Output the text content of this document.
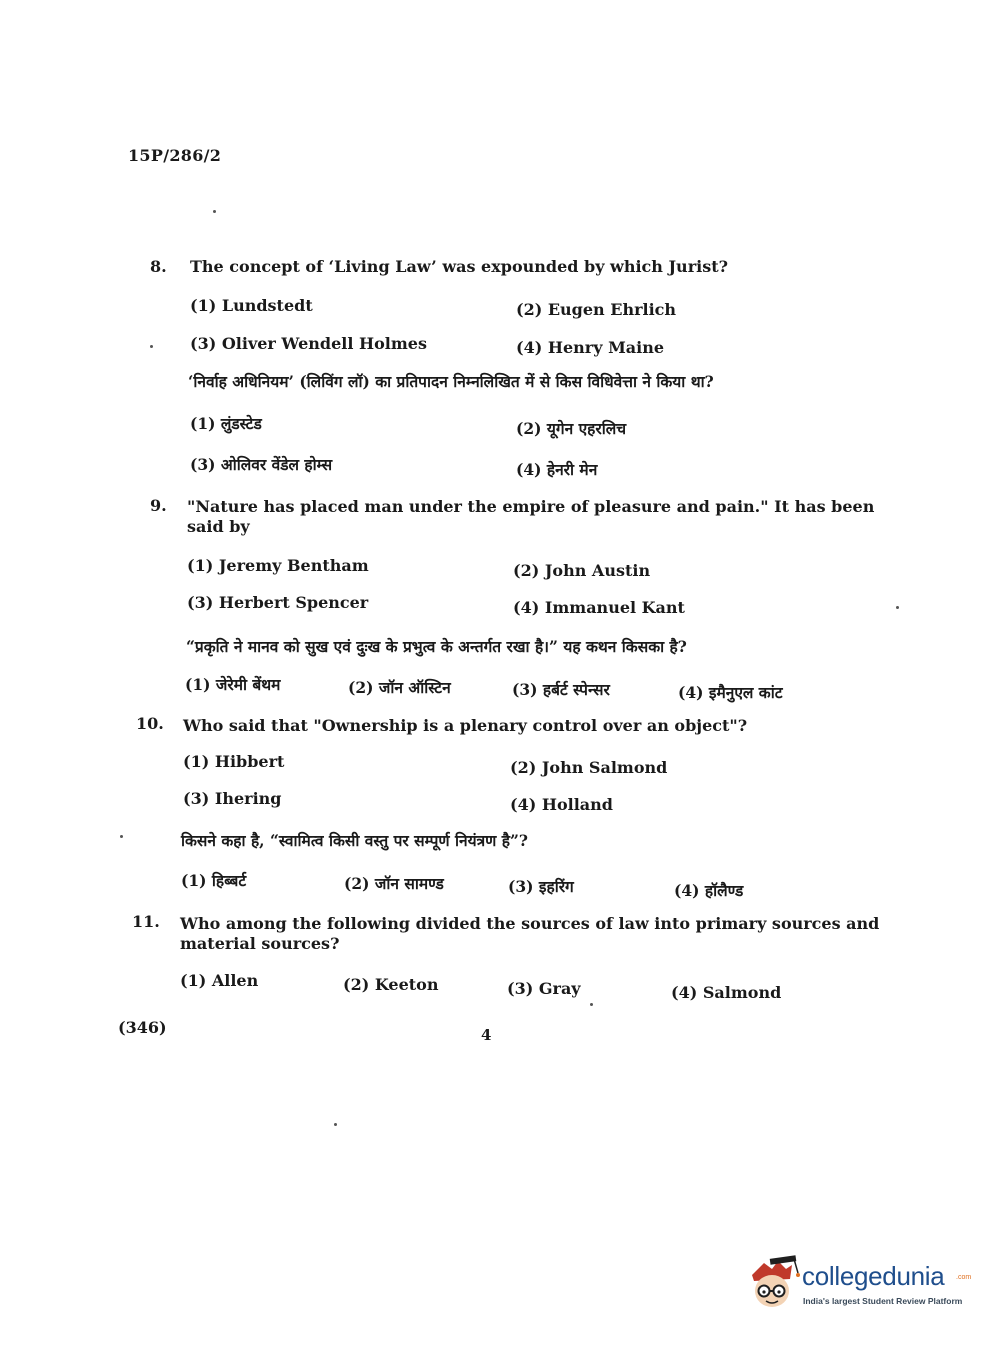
15P/286/2
8. The concept of ‘Living Law’ was expounded by which Jurist?
(1) Lundstedt	(2) Eugen Ehrlich
(3) Oliver Wendell Holmes	(4) Henry Maine
‘निर्वाह अधिनियम’ (लिविंग लॉ) का प्रतिपादन निम्नलिखित में से किस विधिवेत्ता ने किया था?
(1) लुंडस्टेड	(2) यूगेन एहरलिच
(3) ओलिवर वेंडेल होम्स	(4) हेनरी मेन
9. "Nature has placed man under the empire of pleasure and pain." It has been
said by
(1) Jeremy Bentham	(2) John Austin
(3) Herbert Spencer	(4) Immanuel Kant
“प्रकृति ने मानव को सुख एवं दुःख के प्रभुत्व के अन्तर्गत रखा है।” यह कथन किसका है?
(1) जेरेमी बेंथम	(2) जॉन ऑस्टिन	(3) हर्बर्ट स्पेन्सर	(4) इमैनुएल कांट
10. Who said that "Ownership is a plenary control over an object"?
(1) Hibbert	(2) John Salmond
(3) Ihering	(4) Holland
किसने कहा है, “स्वामित्व किसी वस्तु पर सम्पूर्ण नियंत्रण है”?
(1) हिब्बर्ट	(2) जॉन सामण्ड	(3) इहरिंग	(4) हॉलैण्ड
11. Who among the following divided the sources of law into primary sources and
material sources?
(1) Allen	(2) Keeton	(3) Gray	(4) Salmond
(346)	4
collegedunia .com
India's largest Student Review Platform
